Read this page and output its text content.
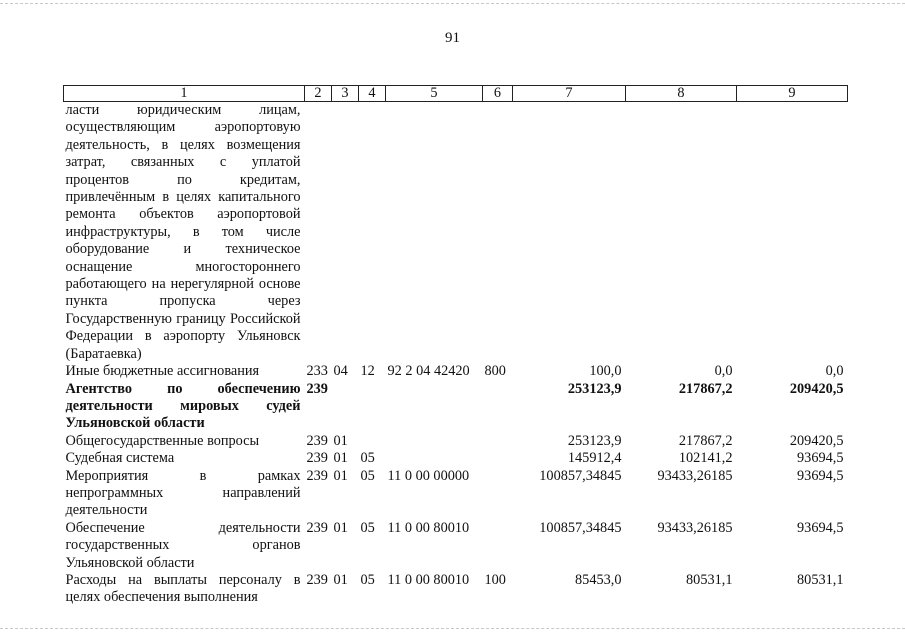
91
1	2	3	4	5	6	7	8	9
ласти юридическим лицам, осуществляющим аэропортовую деятельность, в целях возмещения затрат, связанных с уплатой процентов по кредитам, привлечённым в целях капитального ремонта объектов аэропортовой инфраструктуры, в том числе оборудование и техническое оснащение многостороннего работающего на нерегулярной основе пункта пропуска через Государственную границу Российской Федерации в аэропорту Ульяновск (Баратаевка)								
Иные бюджетные ассигнования	233	04	12	92 2 04 42420	800	100,0	0,0	0,0
Агентство по обеспечению деятельности мировых судей Ульяновской области	239					253123,9	217867,2	209420,5
Общегосударственные вопросы	239	01				253123,9	217867,2	209420,5
Судебная система	239	01	05			145912,4	102141,2	93694,5
Мероприятия в рамках непрограммных направлений деятельности	239	01	05	11 0 00 00000		100857,34845	93433,26185	93694,5
Обеспечение деятельности государственных органов Ульяновской области	239	01	05	11 0 00 80010		100857,34845	93433,26185	93694,5
Расходы на выплаты персоналу в целях обеспечения выполнения	239	01	05	11 0 00 80010	100	85453,0	80531,1	80531,1
